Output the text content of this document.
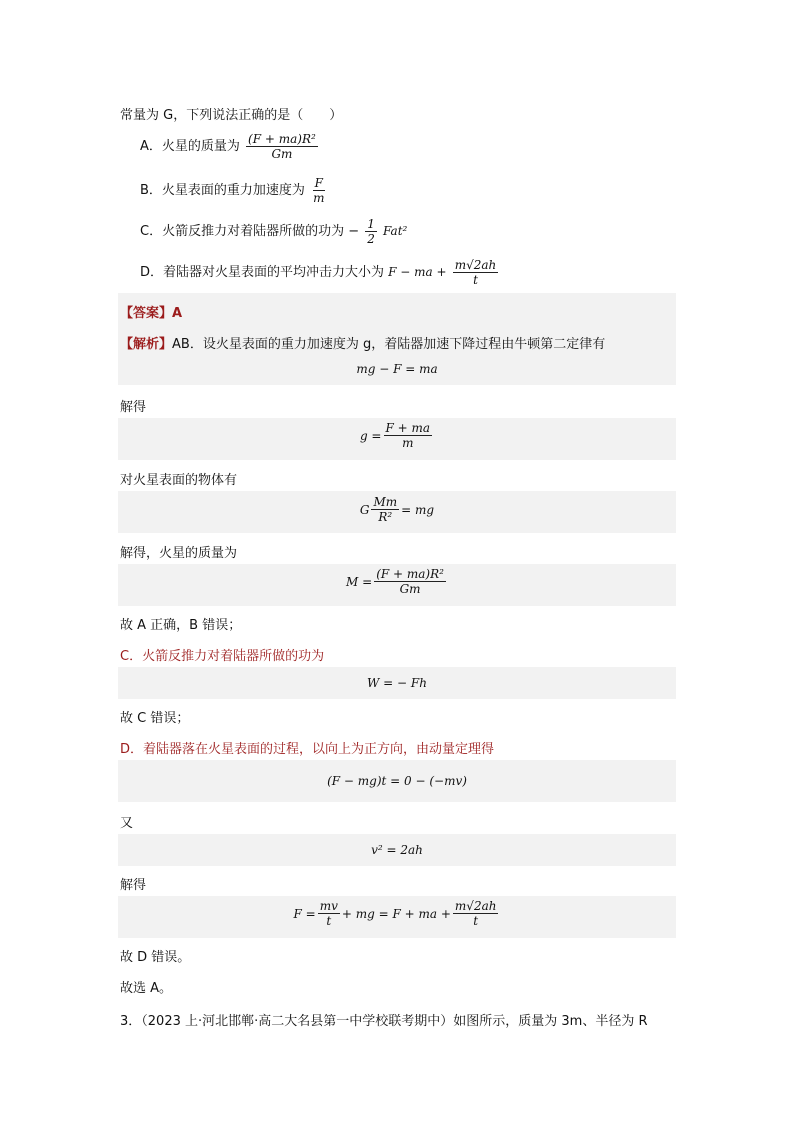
常量为 G，下列说法正确的是（　　）
A．火星的质量为 $\frac{\text{(F + ma)R²}}{Gm}$
B．火星表面的重力加速度为 $\frac{F}{m}$
C．火箭反推力对着陆器所做的功为 − $\frac{1}{2} Fat^2$
D．着陆器对火星表面的平均冲击力大小为 F − ma + $\frac{m√2ah}{t}$
【答案】A
【解析】AB．设火星表面的重力加速度为 g，着陆器加速下降过程由牛顿第二定律有
mg − F = ma
解得
$g = \frac{F + ma}{m}$
对火星表面的物体有
G $\frac{Mm}{\text{R²}}$ = mg
解得，火星的质量为
$M = \frac{\text{(F + ma)R²}}{Gm}$
故 A 正确，B 错误；
C．火箭反推力对着陆器所做的功为
W = − Fh
故 C 错误；
D．着陆器落在火星表面的过程，以向上为正方向，由动量定理得
(F − mg)t = 0 − (−mv)
又
v² = 2ah
解得
$F = \frac{mv}{t}$ + mg = F + ma + $\frac{m√2ah}{t}$
故 D 错误。
故选 A。
3．（2023 上·河北邯郸·高二大名县第一中学校联考期中）如图所示，质量为 3m、半径为 R
